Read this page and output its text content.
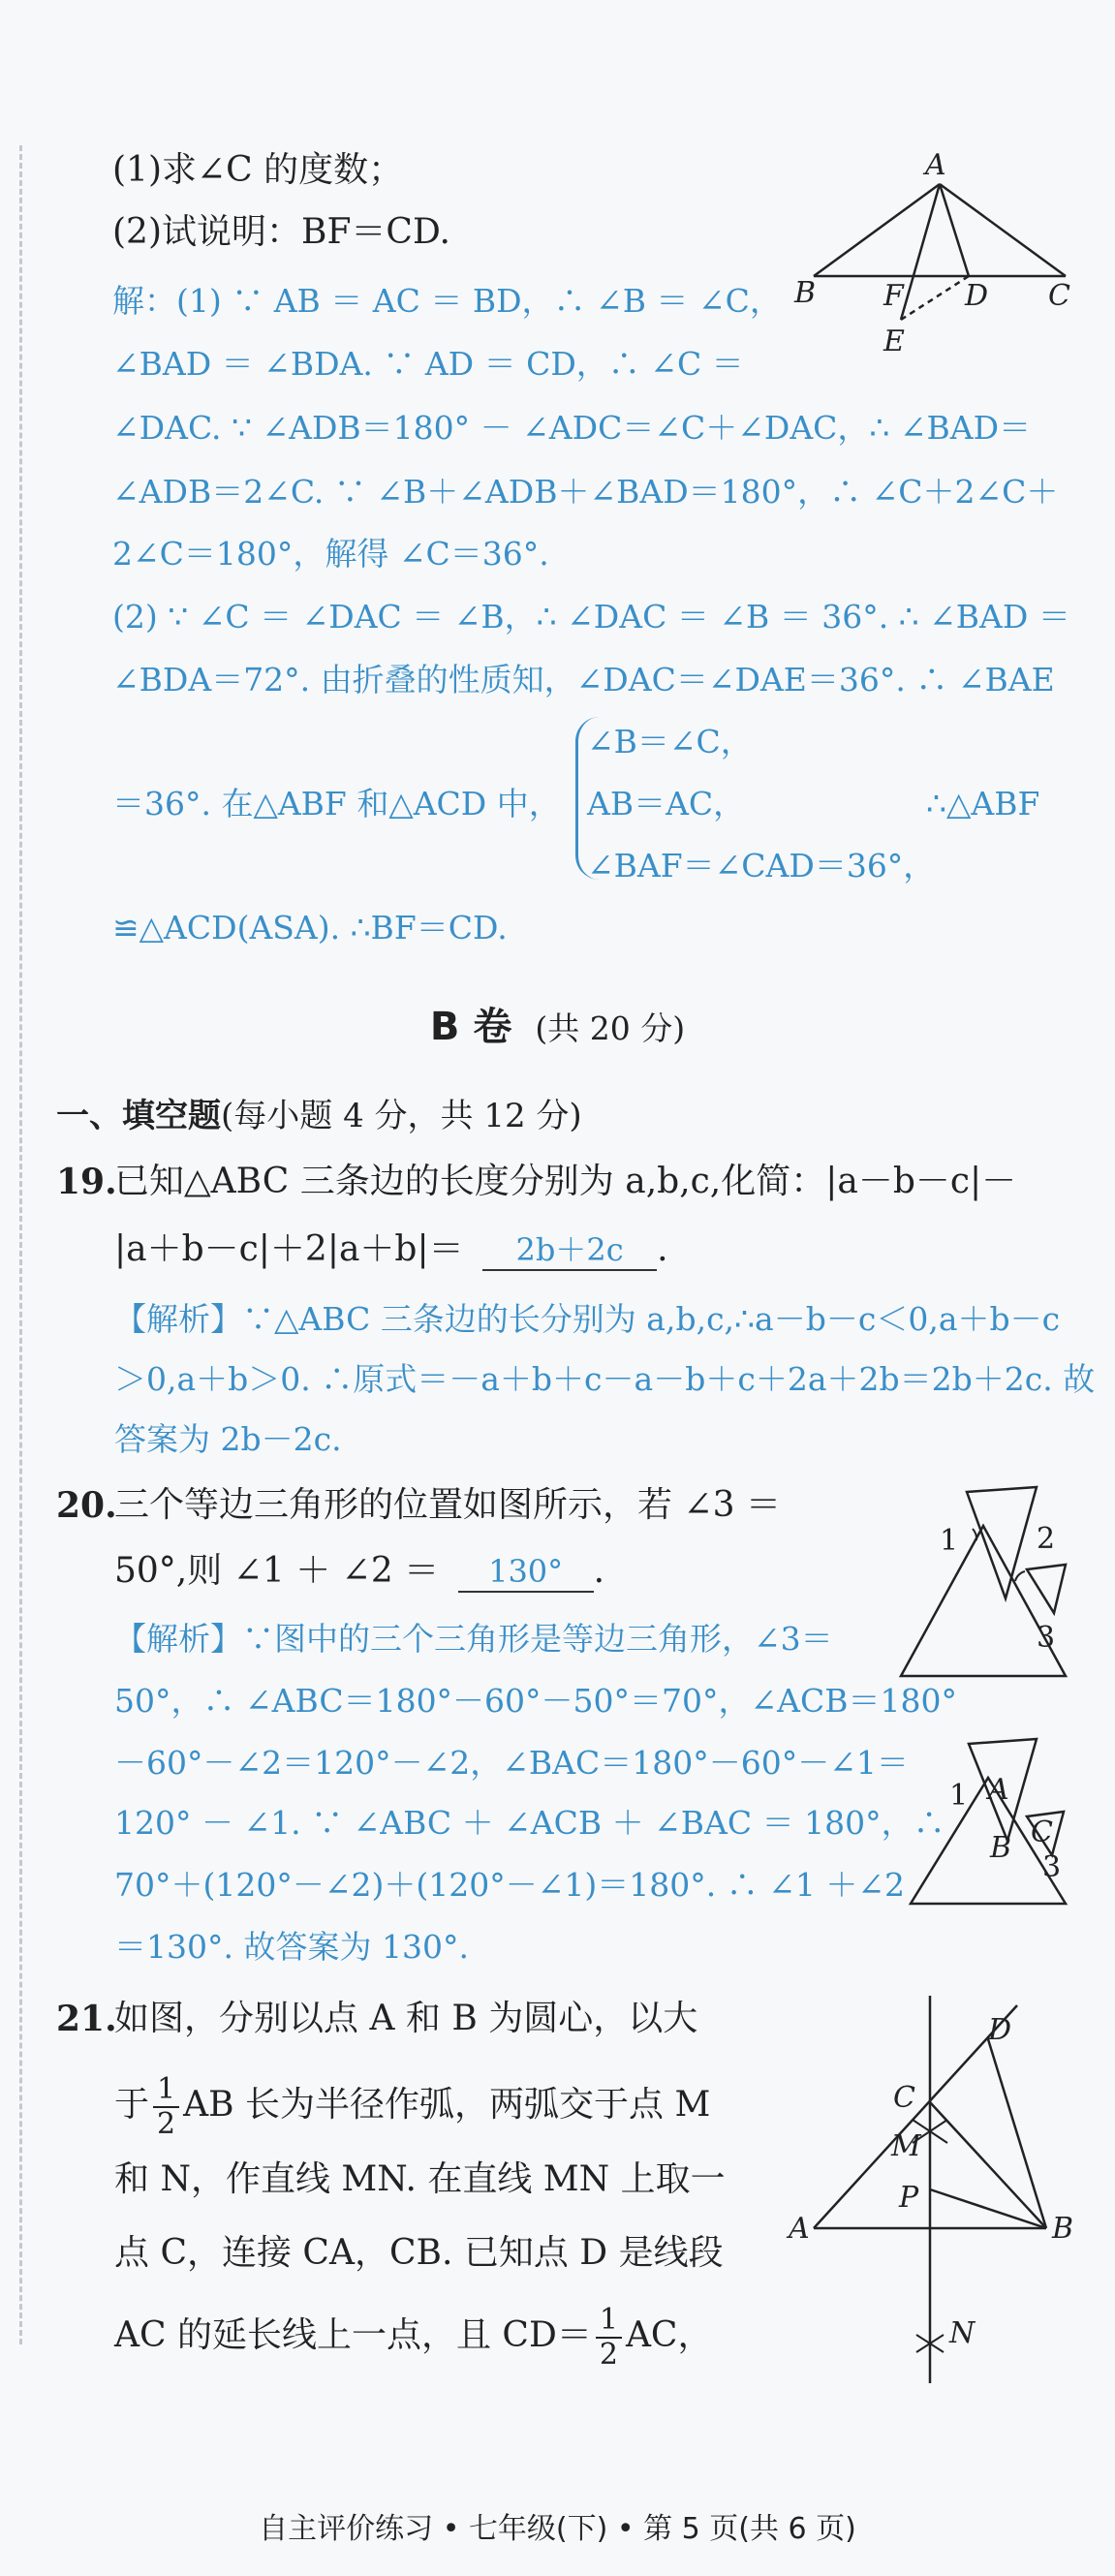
(1)求∠C 的度数；
(2)试说明：BF＝CD.
解：(1) ∵ AB ＝ AC ＝ BD，∴ ∠B ＝ ∠C，
∠BAD ＝ ∠BDA. ∵ AD ＝ CD，∴ ∠C ＝
∠DAC. ∵ ∠ADB＝180° － ∠ADC＝∠C＋∠DAC，∴ ∠BAD＝
∠ADB＝2∠C. ∵ ∠B＋∠ADB＋∠BAD＝180°，∴ ∠C＋2∠C＋
2∠C＝180°，解得 ∠C＝36°.
(2) ∵ ∠C ＝ ∠DAC ＝ ∠B，∴ ∠DAC ＝ ∠B ＝ 36°. ∴ ∠BAD ＝
∠BDA＝72°. 由折叠的性质知，∠DAC＝∠DAE＝36°. ∴ ∠BAE
＝36°. 在△ABF 和△ACD 中，
∠B＝∠C，
AB＝AC，
∠BAF＝∠CAD＝36°，
∴△ABF
≌△ACD(ASA). ∴BF＝CD.
A
B F D C
E
B 卷 (共 20 分)
一、填空题(每小题 4 分，共 12 分)
19.
已知△ABC 三条边的长度分别为 a,b,c,化简：|a－b－c|－
|a＋b－c|＋2|a＋b|＝ 2b＋2c .
【解析】∵△ABC 三条边的长分别为 a,b,c,∴a－b－c＜0,a＋b－c
＞0,a＋b＞0. ∴原式＝－a＋b＋c－a－b＋c＋2a＋2b＝2b＋2c. 故
答案为 2b－2c.
20.
三个等边三角形的位置如图所示，若 ∠3 ＝
50°,则 ∠1 ＋ ∠2 ＝ 130° .
【解析】∵图中的三个三角形是等边三角形，∠3＝
50°，∴ ∠ABC＝180°－60°－50°＝70°，∠ACB＝180°
－60°－∠2＝120°－∠2，∠BAC＝180°－60°－∠1＝
120° － ∠1. ∵ ∠ABC ＋ ∠ACB ＋ ∠BAC ＝ 180°，∴
70°＋(120°－∠2)＋(120°－∠1)＝180°. ∴ ∠1 ＋∠2
＝130°. 故答案为 130°.
1	2
3
1 A
B C
3
21.
如图，分别以点 A 和 B 为圆心，以大
于 $\frac{1}{2}$ AB 长为半径作弧，两弧交于点 M
和 N，作直线 MN. 在直线 MN 上取一
点 C，连接 CA，CB. 已知点 D 是线段
AC 的延长线上一点，且 $CD= \frac{1}{2}$ AC，
D
C
M
P
A	B
N
自主评价练习 • 七年级(下) • 第 5 页(共 6 页)
